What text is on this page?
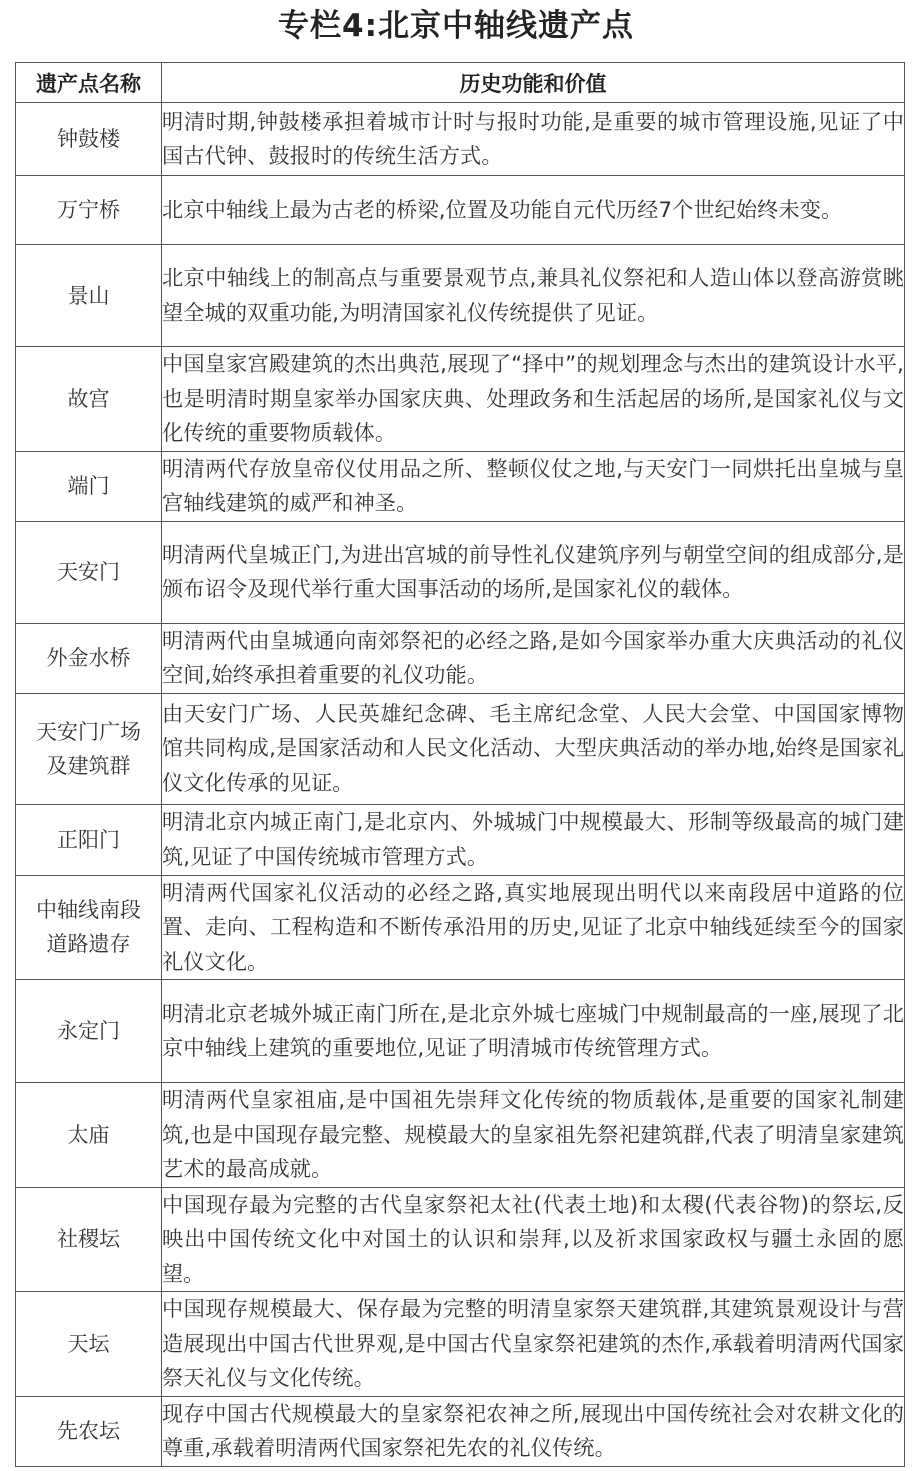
专栏4:北京中轴线遗产点
遗产点名称	历史功能和价值
钟鼓楼	明清时期,钟鼓楼承担着城市计时与报时功能,是重要的城市管理设施,见证了中国古代钟、鼓报时的传统生活方式。
万宁桥	北京中轴线上最为古老的桥梁,位置及功能自元代历经7个世纪始终未变。
景山	北京中轴线上的制高点与重要景观节点,兼具礼仪祭祀和人造山体以登高游赏眺望全城的双重功能,为明清国家礼仪传统提供了见证。
故宫	中国皇家宫殿建筑的杰出典范,展现了“择中”的规划理念与杰出的建筑设计水平,也是明清时期皇家举办国家庆典、处理政务和生活起居的场所,是国家礼仪与文化传统的重要物质载体。
端门	明清两代存放皇帝仪仗用品之所、整顿仪仗之地,与天安门一同烘托出皇城与皇宫轴线建筑的威严和神圣。
天安门	明清两代皇城正门,为进出宫城的前导性礼仪建筑序列与朝堂空间的组成部分,是颁布诏令及现代举行重大国事活动的场所,是国家礼仪的载体。
外金水桥	明清两代由皇城通向南郊祭祀的必经之路,是如今国家举办重大庆典活动的礼仪空间,始终承担着重要的礼仪功能。

天安门广场
及建筑群	由天安门广场、人民英雄纪念碑、毛主席纪念堂、人民大会堂、中国国家博物馆共同构成,是国家活动和人民文化活动、大型庆典活动的举办地,始终是国家礼仪文化传承的见证。
正阳门	明清北京内城正南门,是北京内、外城城门中规模最大、形制等级最高的城门建筑,见证了中国传统城市管理方式。

中轴线南段
道路遗存	明清两代国家礼仪活动的必经之路,真实地展现出明代以来南段居中道路的位置、走向、工程构造和不断传承沿用的历史,见证了北京中轴线延续至今的国家礼仪文化。
永定门	明清北京老城外城正南门所在,是北京外城七座城门中规制最高的一座,展现了北京中轴线上建筑的重要地位,见证了明清城市传统管理方式。
太庙	明清两代皇家祖庙,是中国祖先崇拜文化传统的物质载体,是重要的国家礼制建筑,也是中国现存最完整、规模最大的皇家祖先祭祀建筑群,代表了明清皇家建筑艺术的最高成就。
社稷坛	中国现存最为完整的古代皇家祭祀太社(代表土地)和太稷(代表谷物)的祭坛,反映出中国传统文化中对国土的认识和崇拜,以及祈求国家政权与疆土永固的愿望。
天坛	中国现存规模最大、保存最为完整的明清皇家祭天建筑群,其建筑景观设计与营造展现出中国古代世界观,是中国古代皇家祭祀建筑的杰作,承载着明清两代国家祭天礼仪与文化传统。
先农坛	现存中国古代规模最大的皇家祭祀农神之所,展现出中国传统社会对农耕文化的尊重,承载着明清两代国家祭祀先农的礼仪传统。
